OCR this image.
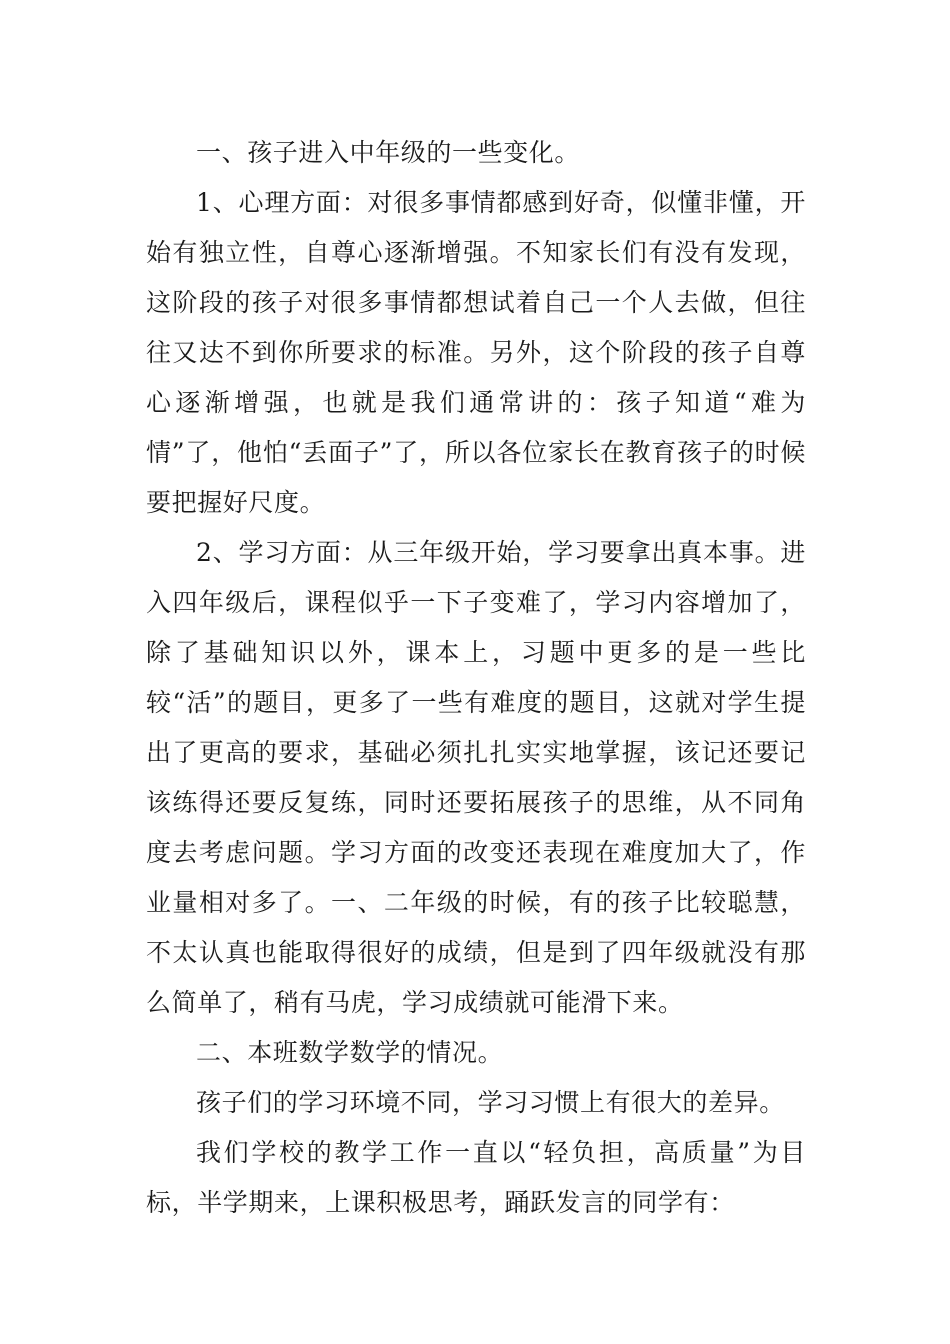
一、孩子进入中年级的一些变化。

1、心理方面：对很多事情都感到好奇，似懂非懂，开始有独立性，自尊心逐渐增强。不知家长们有没有发现，这阶段的孩子对很多事情都想试着自己一个人去做，但往往又达不到你所要求的标准。另外，这个阶段的孩子自尊心逐渐增强，也就是我们通常讲的：孩子知道“难为情”了，他怕“丢面子”了，所以各位家长在教育孩子的时候要把握好尺度。

2、学习方面：从三年级开始，学习要拿出真本事。进入四年级后，课程似乎一下子变难了，学习内容增加了，除了基础知识以外，课本上，习题中更多的是一些比较“活”的题目，更多了一些有难度的题目，这就对学生提出了更高的要求，基础必须扎扎实实地掌握，该记还要记该练得还要反复练，同时还要拓展孩子的思维，从不同角度去考虑问题。学习方面的改变还表现在难度加大了，作业量相对多了。一、二年级的时候，有的孩子比较聪慧，不太认真也能取得很好的成绩，但是到了四年级就没有那么简单了，稍有马虎，学习成绩就可能滑下来。

二、本班数学数学的情况。

孩子们的学习环境不同，学习习惯上有很大的差异。

我们学校的教学工作一直以“轻负担，高质量”为目标，半学期来，上课积极思考，踊跃发言的同学有：
